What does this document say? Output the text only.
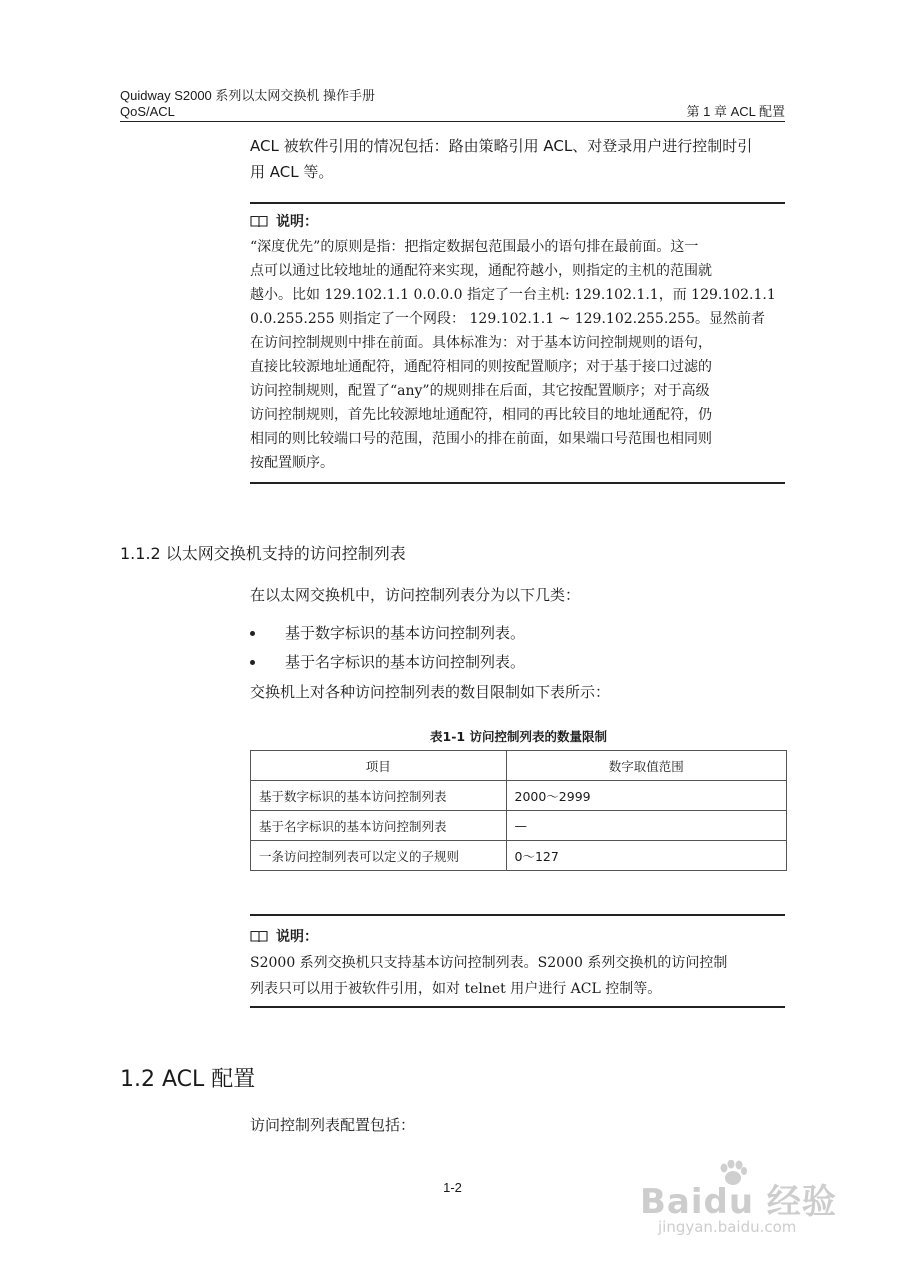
Quidway S2000 系列以太网交换机 操作手册
QoS/ACL	第 1 章 ACL 配置
ACL 被软件引用的情况包括：路由策略引用 ACL、对登录用户进行控制时引
用 ACL 等。
说明：
“深度优先”的原则是指：把指定数据包范围最小的语句排在最前面。这一
点可以通过比较地址的通配符来实现，通配符越小，则指定的主机的范围就
越小。比如 129.102.1.1 0.0.0.0 指定了一台主机: 129.102.1.1，而 129.102.1.1
0.0.255.255 则指定了一个网段： 129.102.1.1 ~ 129.102.255.255。显然前者
在访问控制规则中排在前面。具体标准为：对于基本访问控制规则的语句，
直接比较源地址通配符，通配符相同的则按配置顺序；对于基于接口过滤的
访问控制规则，配置了“any”的规则排在后面，其它按配置顺序；对于高级
访问控制规则，首先比较源地址通配符，相同的再比较目的地址通配符，仍
相同的则比较端口号的范围，范围小的排在前面，如果端口号范围也相同则
按配置顺序。
1.1.2 以太网交换机支持的访问控制列表
在以太网交换机中，访问控制列表分为以下几类：
基于数字标识的基本访问控制列表。
基于名字标识的基本访问控制列表。
交换机上对各种访问控制列表的数目限制如下表所示：
表1-1 访问控制列表的数量限制
项目	数字取值范围
基于数字标识的基本访问控制列表	2000～2999
基于名字标识的基本访问控制列表	—
一条访问控制列表可以定义的子规则	0～127
说明：
S2000 系列交换机只支持基本访问控制列表。S2000 系列交换机的访问控制
列表只可以用于被软件引用，如对 telnet 用户进行 ACL 控制等。
1.2 ACL 配置
访问控制列表配置包括：
1-2	Baidu 经验
jingyan.baidu.com
